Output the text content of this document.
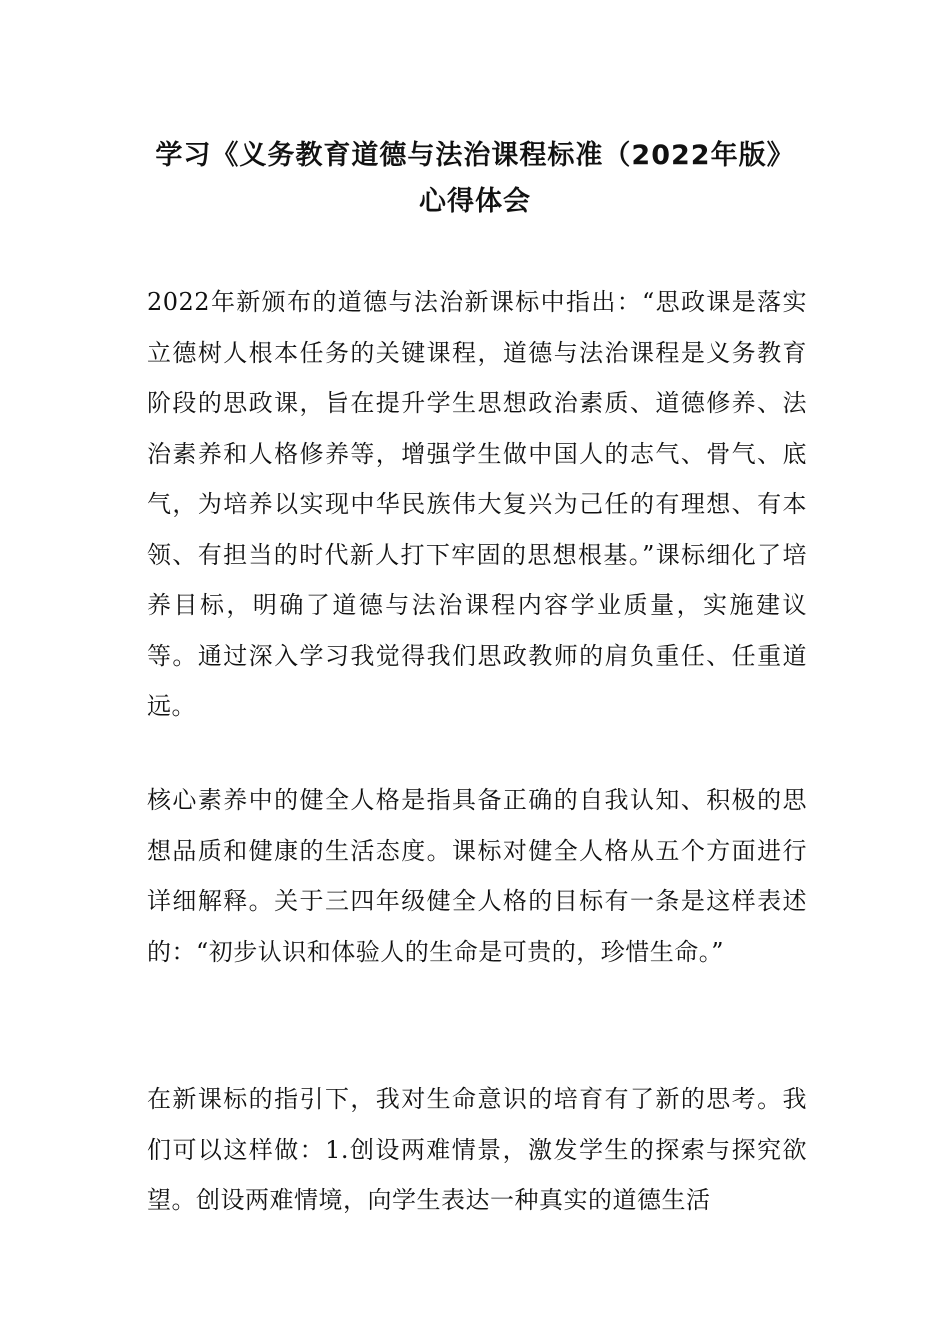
学习《义务教育道德与法治课程标准（2022年版》
心得体会
2022年新颁布的道德与法治新课标中指出：“思政课是落实立德树人根本任务的关键课程，道德与法治课程是义务教育阶段的思政课，旨在提升学生思想政治素质、道德修养、法治素养和人格修养等，增强学生做中国人的志气、骨气、底气，为培养以实现中华民族伟大复兴为己任的有理想、有本领、有担当的时代新人打下牢固的思想根基。”课标细化了培养目标，明确了道德与法治课程内容学业质量，实施建议等。通过深入学习我觉得我们思政教师的肩负重任、任重道远。
核心素养中的健全人格是指具备正确的自我认知、积极的思想品质和健康的生活态度。课标对健全人格从五个方面进行详细解释。关于三四年级健全人格的目标有一条是这样表述的：“初步认识和体验人的生命是可贵的，珍惜生命。”
在新课标的指引下，我对生命意识的培育有了新的思考。我们可以这样做：1.创设两难情景，激发学生的探索与探究欲望。创设两难情境，向学生表达一种真实的道德生活
